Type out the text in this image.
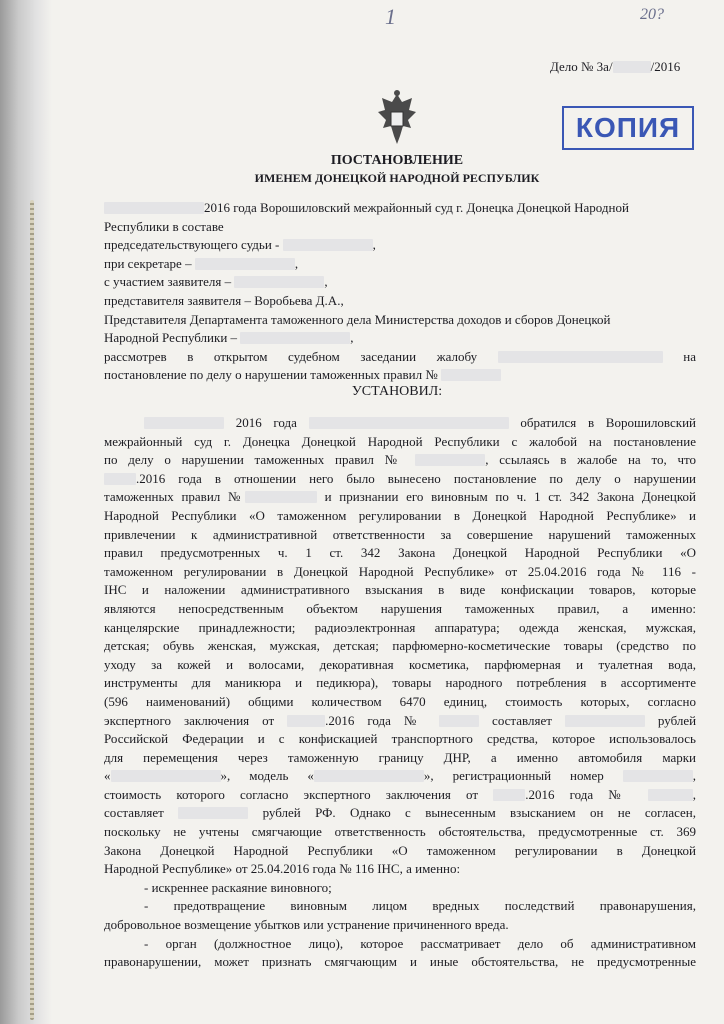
1	20?
Дело № 3а/	/2016
КОПИЯ
ПОСТАНОВЛЕНИЕ
ИМЕНЕМ ДОНЕЦКОЙ НАРОДНОЙ РЕСПУБЛИК
2016 года Ворошиловский межрайонный суд г. Донецка Донецкой Народной
Республики в составе
председательствующего судьи -	,
при секретаре –	,
с участием заявителя –	,
представителя заявителя – Воробьева Д.А.,
Представителя Департамента таможенного дела Министерства доходов и сборов Донецкой
Народной Республики –	,
рассмотрев в открытом судебном заседании жалобу	на
постановление по делу о нарушении таможенных правил №
УСТАНОВИЛ:
2016 года	обратился в Ворошиловский
межрайонный суд г. Донецка Донецкой Народной Республики с жалобой на постановление
по делу о нарушении таможенных правил №	, ссылаясь в жалобе на то, что
.2016 года в отношении него было вынесено постановление по делу о нарушении
таможенных правил №	и признании его виновным по ч. 1 ст. 342 Закона Донецкой
Народной Республики «О таможенном регулировании в Донецкой Народной Республике» и
привлечении к административной ответственности за совершение нарушений таможенных
правил предусмотренных ч. 1 ст. 342 Закона Донецкой Народной Республики «О
таможенном регулировании в Донецкой Народной Республике» от 25.04.2016 года № 116 -
IНС и наложении административного взыскания в виде конфискации товаров, которые
являются непосредственным объектом нарушения таможенных правил, а именно:
канцелярские принадлежности; радиоэлектронная аппаратура; одежда женская, мужская,
детская; обувь женская, мужская, детская; парфюмерно-косметические товары (средство по
уходу за кожей и волосами, декоративная косметика, парфюмерная и туалетная вода,
инструменты для маникюра и педикюра), товары народного потребления в ассортименте
(596 наименований) общими количеством 6470 единиц, стоимость которых, согласно
экспертного заключения от	.2016 года №	составляет	рублей
Российской Федерации и с конфискацией транспортного средства, которое использовалось
для перемещения через таможенную границу ДНР, а именно автомобиля марки
«	», модель «	», регистрационный номер	,
стоимость которого согласно экспертного заключения от	.2016 года №	,
составляет	рублей РФ. Однако с вынесенным взысканием он не согласен,
поскольку не учтены смягчающие ответственность обстоятельства, предусмотренные ст. 369
Закона Донецкой Народной Республики «О таможенном регулировании в Донецкой
Народной Республике» от 25.04.2016 года № 116 IНС, а именно:
- искреннее раскаяние виновного;
- предотвращение виновным лицом вредных последствий правонарушения,
добровольное возмещение убытков или устранение причиненного вреда.
- орган (должностное лицо), которое рассматривает дело об административном
правонарушении, может признать смягчающим и иные обстоятельства, не предусмотренные
